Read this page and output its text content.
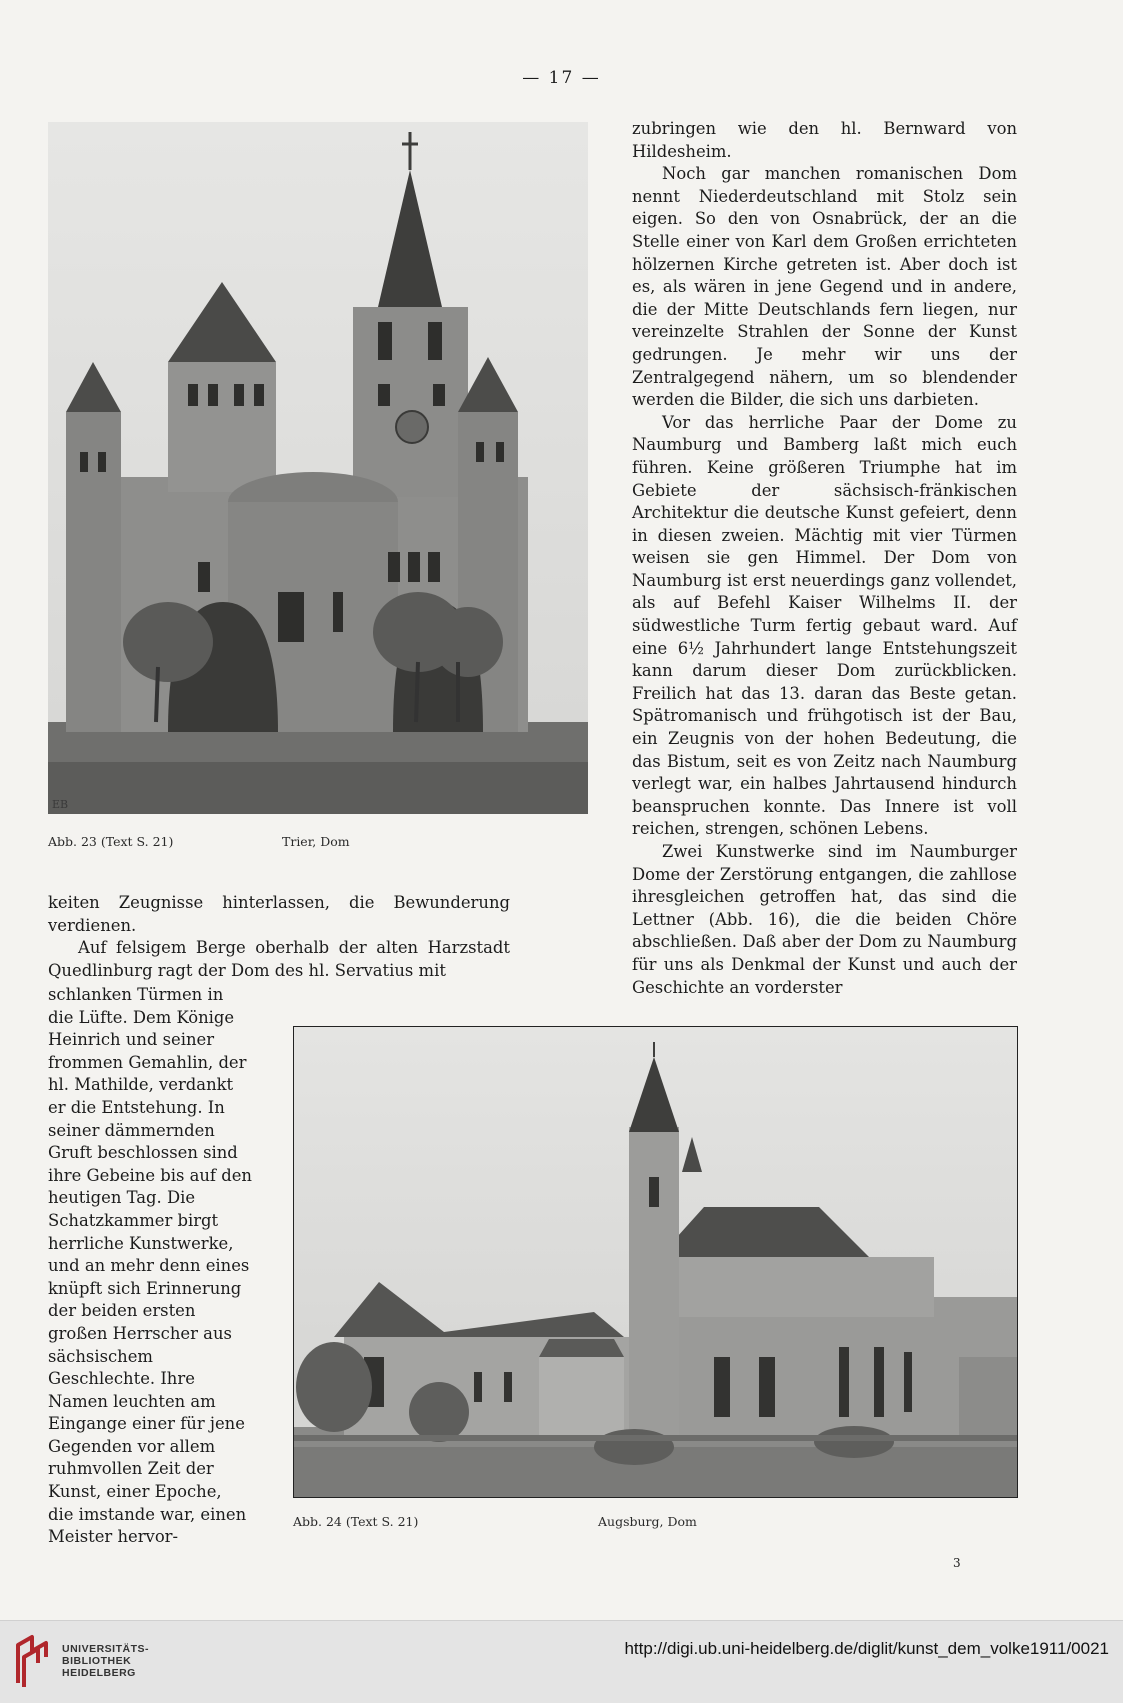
— 17 —
EB
Abb. 23 (Text S. 21)	Trier, Dom

zubringen wie den hl. Bernward von Hildesheim.

Noch gar manchen romanischen Dom nennt Niederdeutschland mit Stolz sein eigen. So den von Osnabrück, der an die Stelle einer von Karl dem Großen errichteten hölzernen Kirche getreten ist. Aber doch ist es, als wären in jene Gegend und in andere, die der Mitte Deutschlands fern liegen, nur vereinzelte Strahlen der Sonne der Kunst gedrungen. Je mehr wir uns der Zentralgegend nähern, um so blendender werden die Bilder, die sich uns darbieten.

Vor das herrliche Paar der Dome zu Naumburg und Bamberg laßt mich euch führen. Keine größeren Triumphe hat im Gebiete der sächsisch-fränkischen Architektur die deutsche Kunst gefeiert, denn in diesen zweien. Mächtig mit vier Türmen weisen sie gen Himmel. Der Dom von Naumburg ist erst neuerdings ganz vollendet, als auf Befehl Kaiser Wilhelms II. der südwestliche Turm fertig gebaut ward. Auf eine 6½ Jahrhundert lange Entstehungszeit kann darum dieser Dom zurückblicken. Freilich hat das 13. daran das Beste getan. Spätromanisch und frühgotisch ist der Bau, ein Zeugnis von der hohen Bedeutung, die das Bistum, seit es von Zeitz nach Naumburg verlegt war, ein halbes Jahrtausend hindurch beanspruchen konnte. Das Innere ist voll reichen, strengen, schönen Lebens.

Zwei Kunstwerke sind im Naumburger Dome der Zerstörung entgangen, die zahllose ihresgleichen getroffen hat, das sind die Lettner (Abb. 16), die die beiden Chöre abschließen. Daß aber der Dom zu Naumburg für uns als Denkmal der Kunst und auch der Geschichte an vorderster

keiten Zeugnisse hinterlassen, die Bewunderung verdienen.

Auf felsigem Berge oberhalb der alten Harzstadt Quedlinburg ragt der Dom des hl. Servatius mit

schlanken Türmen in die Lüfte. Dem Könige Heinrich und seiner frommen Gemahlin, der hl. Mathilde, verdankt er die Entstehung. In seiner dämmernden Gruft beschlossen sind ihre Gebeine bis auf den heutigen Tag. Die Schatzkammer birgt herrliche Kunstwerke, und an mehr denn eines knüpft sich Erinnerung der beiden ersten großen Herrscher aus sächsischem Geschlechte. Ihre Namen leuchten am Eingange einer für jene Gegenden vor allem ruhmvollen Zeit der Kunst, einer Epoche, die imstande war, einen Meister hervor-

Abb. 24 (Text S. 21)	Augsburg, Dom
3
UNIVERSITÄTS-
BIBLIOTHEK
HEIDELBERG
http://digi.ub.uni-heidelberg.de/diglit/kunst_dem_volke1911/0021
